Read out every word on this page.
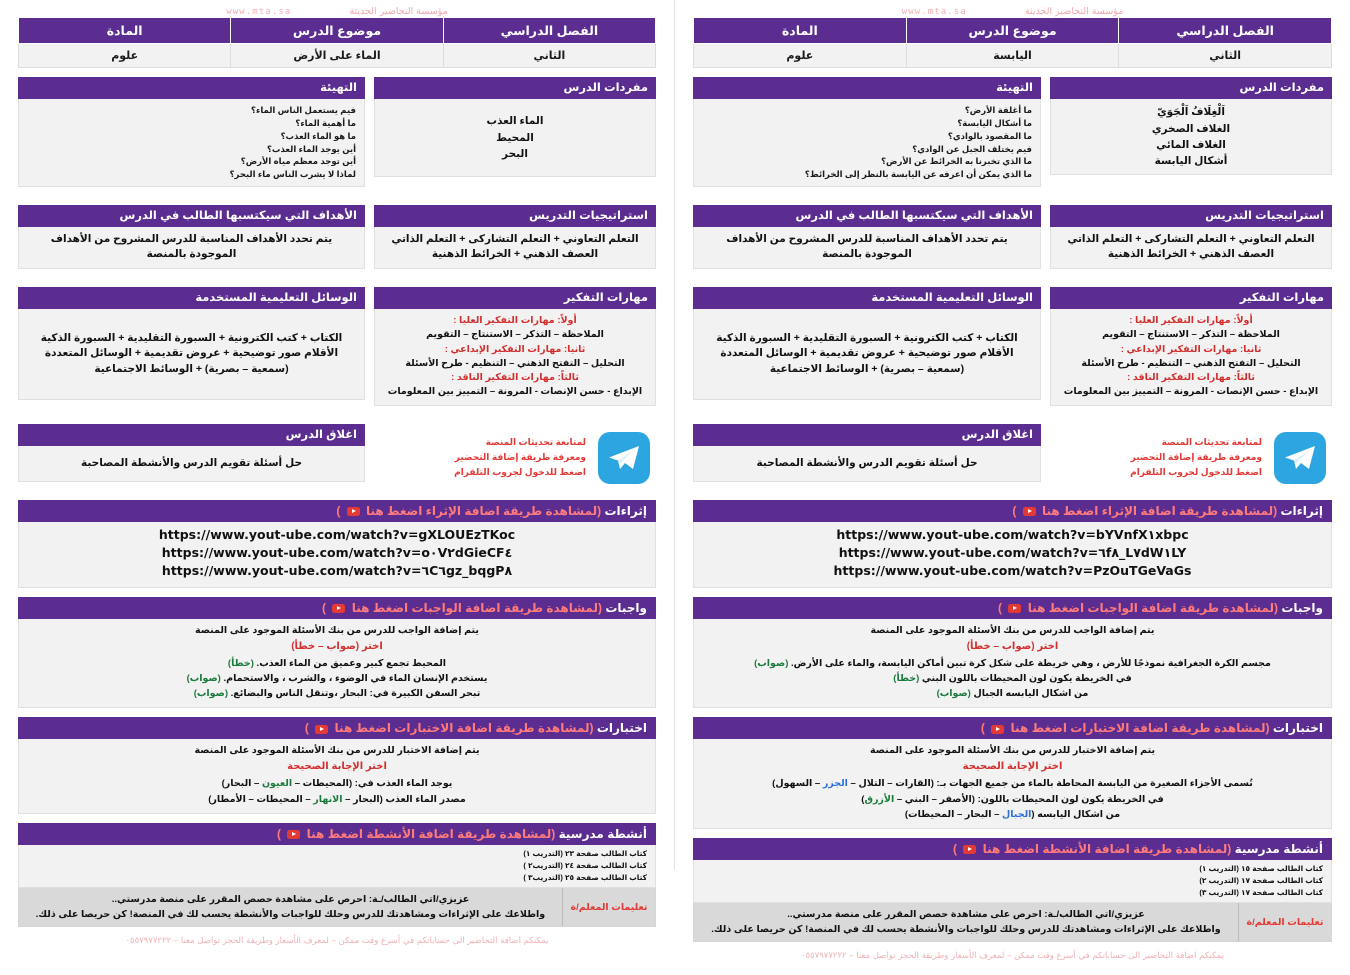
مؤسسة التحاضير الحديثة
www.mta.sa
الفصل الدراسي	موضوع الدرس	المادة
الثاني	اليابسة	علوم
مفردات الدرس
اَلْغِلَافُ اَلْجَوَيّ
الغلاف الصخري
الغلاف المائي
أشكال اليابسة
التهيئة
ما أغلفة الأرض؟
ما أشكال اليابسة؟
ما المقصود بالوادي؟
فيم يختلف الجبل عن الوادي؟
ما الذي تخبرنا به الخرائط عن الأرض؟
ما الذي يمكن أن اعرفه عن اليابسة بالنظر إلى الخرائط؟
استراتيجيات التدريس
التعلم التعاوني + التعلم التشاركى + التعلم الذاتي
العصف الذهني + الخرائط الذهنية
الأهداف التي سيكتسبها الطالب في الدرس
يتم تحدد الأهداف المناسبة للدرس المشروح من الأهداف الموجودة بالمنصة
مهارات التفكير
أولاً: مهارات التفكير العليا :
الملاحظة – التذكر – الاستنتاج – التقويم
ثانيا: مهارات التفكير الإبداعي :
التحليل – التفتح الذهني – التنظيم - طرح الأسئلة
ثالثاً: مهارات التفكير الناقد :
الإبداع - حسن الإنصات - المرونة – التمييز بين المعلومات
الوسائل التعليمية المستخدمة
الكتاب + كتب الكترونية + السبورة التقليدية + السبورة الذكية
الأقلام صور توضيحية + عروض تقديمية + الوسائل المتعددة
(سمعية – بصرية) + الوسائط الاجتماعية
لمتابعة تحديثات المنصة
ومعرفة طريقة إضافة التحضير
اضغط للدخول لجروب التلقرام
اغلاق الدرس
حل أسئلة تقويم الدرس والأنشطة المصاحبة
إثراءات (لمشاهدة طريقة اضافة الإثراء اضغط هنا  )
https://www.yout-ube.com/watch?v=bYVnfX١xbpc
https://www.yout-ube.com/watch?v=٦f٨_L٧dW١LY
https://www.yout-ube.com/watch?v=PzOuTGeVaGs
واجبات (لمشاهدة طريقة اضافة الواجبات اضغط هنا  )
يتم إضافة الواجب للدرس من بنك الأسئلة الموجود على المنصة
اختر (صواب – خطأ)
مجسم الكرة الجغرافية نموذجًا للأرض ، وهي خريطة على شكل كرة تبين أماكن اليابسة، والماء على الأرض. (صواب)
في الخريطة يكون لون المحيطات باللون البني (خطأ)
من اشكال اليابسه الجبال (صواب)
اختبارات (لمشاهدة طريقة اضافة الاختبارات اضغط هنا  )
يتم إضافة الاختبار للدرس من بنك الأسئلة الموجود على المنصة
اختر الإجابة الصحيحة
تُسمى الأجزاء الصغيرة من اليابسة المحاطة بالماء من جميع الجهات بـ: (القارات – التلال – الجزر – السهول)
في الخريطة يكون لون المحيطات باللون: (الأصفر – البني – الأزرق)
من اشكال اليابسه (الجبال – البحار – المحيطات)
أنشطة مدرسية (لمشاهدة طريقة اضافة الأنشطة اضغط هنا  )
كتاب الطالب صفحة ١٥ (التدريب ١)
كتاب الطالب صفحة ١٧ (التدريب ٢)
كتاب الطالب صفحة ١٧ (التدريب ٣)
تعليمات المعلم/ة
عزيزي/اتي الطالب/ـة: احرص على مشاهدة حصص المقرر على منصة مدرستي..
واطلاعك على الإثراءات ومشاهدتك للدرس وحلك للواجبات والأنشطة يحسب لك في المنصة! كن حريصا على ذلك.
يمكنكم اضافة التحاضير الى حساباتكم في أسرع وقت ممكن – لمعرف الأسعار وطريقة الحجز تواصل معنا – ٠٥٥٧٩٧٧٢٢٢
مؤسسة التحاضير الحديثة
www.mta.sa
الفصل الدراسي	موضوع الدرس	المادة
الثاني	الماء على الأرض	علوم
مفردات الدرس
الماء العذب
المحيط
البحر
التهيئة
فيم يستعمل الناس الماء؟
ما أهمية الماء؟
ما هو الماء العذب؟
أين يوجد الماء العذب؟
أين توجد معظم مياه الأرض؟
لماذا لا يشرب الناس ماء البحر؟
استراتيجيات التدريس
التعلم التعاوني + التعلم التشاركى + التعلم الذاتي
العصف الذهني + الخرائط الذهنية
الأهداف التي سيكتسبها الطالب في الدرس
يتم تحدد الأهداف المناسبة للدرس المشروح من الأهداف الموجودة بالمنصة
مهارات التفكير
أولاً: مهارات التفكير العليا :
الملاحظة – التذكر – الاستنتاج – التقويم
ثانيا: مهارات التفكير الإبداعي :
التحليل – التفتح الذهني – التنظيم - طرح الأسئلة
ثالثاً: مهارات التفكير الناقد :
الإبداع - حسن الإنصات - المرونة – التمييز بين المعلومات
الوسائل التعليمية المستخدمة
الكتاب + كتب الكترونية + السبورة التقليدية + السبورة الذكية
الأقلام صور توضيحية + عروض تقديمية + الوسائل المتعددة
(سمعية – بصرية) + الوسائط الاجتماعية
لمتابعة تحديثات المنصة
ومعرفة طريقة إضافة التحضير
اضغط للدخول لجروب التلقرام
اغلاق الدرس
حل أسئلة تقويم الدرس والأنشطة المصاحبة
إثراءات (لمشاهدة طريقة اضافة الإثراء اضغط هنا  )
https://www.yout-ube.com/watch?v=gXLOUEzTKoc
https://www.yout-ube.com/watch?v=o٠V٢dGieCF٤
https://www.yout-ube.com/watch?v=٦C٦gz_bqgP٨
واجبات (لمشاهدة طريقة اضافة الواجبات اضغط هنا  )
يتم إضافة الواجب للدرس من بنك الأسئلة الموجود على المنصة
اختر (صواب – خطأ)
المحيط تجمع كبير وعميق من الماء العذب. (خطأ)
يستخدم الإنسان الماء في الوضوء ، والشرب ، والاستحمام. (صواب)
تبحر السفن الكبيرة في: البحار ،وتنقل الناس والبضائع. (صواب)
اختبارات (لمشاهدة طريقة اضافة الاختبارات اضغط هنا  )
يتم إضافة الاختبار للدرس من بنك الأسئلة الموجود على المنصة
اختر الإجابة الصحيحة
يوجد الماء العذب في: (المحيطات – العيون – البحار)
مصدر الماء العذب (البحار – الانهار – المحيطات – الأمطار)
أنشطة مدرسية (لمشاهدة طريقة اضافة الأنشطة اضغط هنا  )
كتاب الطالب صفحة ٢٣ (التدريب ١)
كتاب الطالب صفحة ٢٤ (التدريب٢ )
كتاب الطالب صفحة ٢٥ (التدريب٣ )
تعليمات المعلم/ة
عزيزي/اتي الطالب/ـة: احرص على مشاهدة حصص المقرر على منصة مدرستي..
واطلاعك على الإثراءات ومشاهدتك للدرس وحلك للواجبات والأنشطة يحسب لك في المنصة! كن حريصا على ذلك.
يمكنكم اضافة التحاضير الى حساباتكم في أسرع وقت ممكن – لمعرف الأسعار وطريقة الحجز تواصل معنا – ٠٥٥٧٩٧٧٢٢٢
